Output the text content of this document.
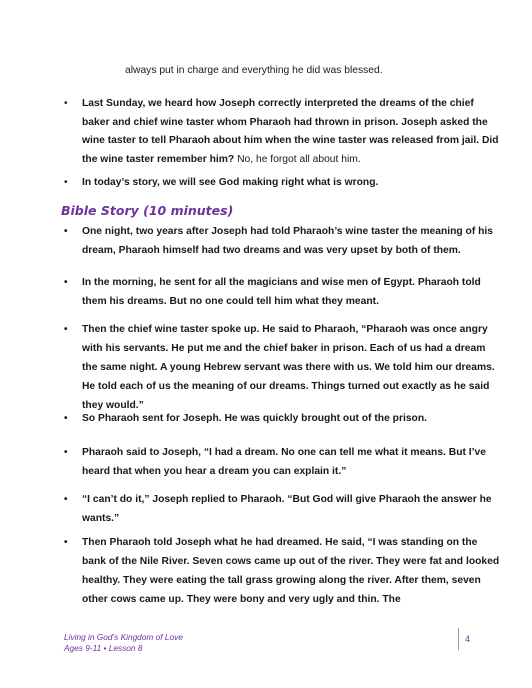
always put in charge and everything he did was blessed.
• Last Sunday, we heard how Joseph correctly interpreted the dreams of the chief baker and chief wine taster whom Pharaoh had thrown in prison. Joseph asked the wine taster to tell Pharaoh about him when the wine taster was released from jail. Did the wine taster remember him? No, he forgot all about him.
• In today’s story, we will see God making right what is wrong.
Bible Story (10 minutes)
• One night, two years after Joseph had told Pharaoh’s wine taster the meaning of his dream, Pharaoh himself had two dreams and was very upset by both of them.
• In the morning, he sent for all the magicians and wise men of Egypt. Pharaoh told them his dreams. But no one could tell him what they meant.
• Then the chief wine taster spoke up. He said to Pharaoh, “Pharaoh was once angry with his servants. He put me and the chief baker in prison. Each of us had a dream the same night. A young Hebrew servant was there with us. We told him our dreams. He told each of us the meaning of our dreams. Things turned out exactly as he said they would.”
• So Pharaoh sent for Joseph. He was quickly brought out of the prison.
• Pharaoh said to Joseph, “I had a dream. No one can tell me what it means. But I’ve heard that when you hear a dream you can explain it.”
• “I can’t do it,” Joseph replied to Pharaoh. “But God will give Pharaoh the answer he wants.”
• Then Pharaoh told Joseph what he had dreamed. He said, “I was standing on the bank of the Nile River. Seven cows came up out of the river. They were fat and looked healthy. They were eating the tall grass growing along the river. After them, seven other cows came up. They were bony and very ugly and thin. The
Living in God’s Kingdom of Love
Ages 9-11 • Lesson 8
4
